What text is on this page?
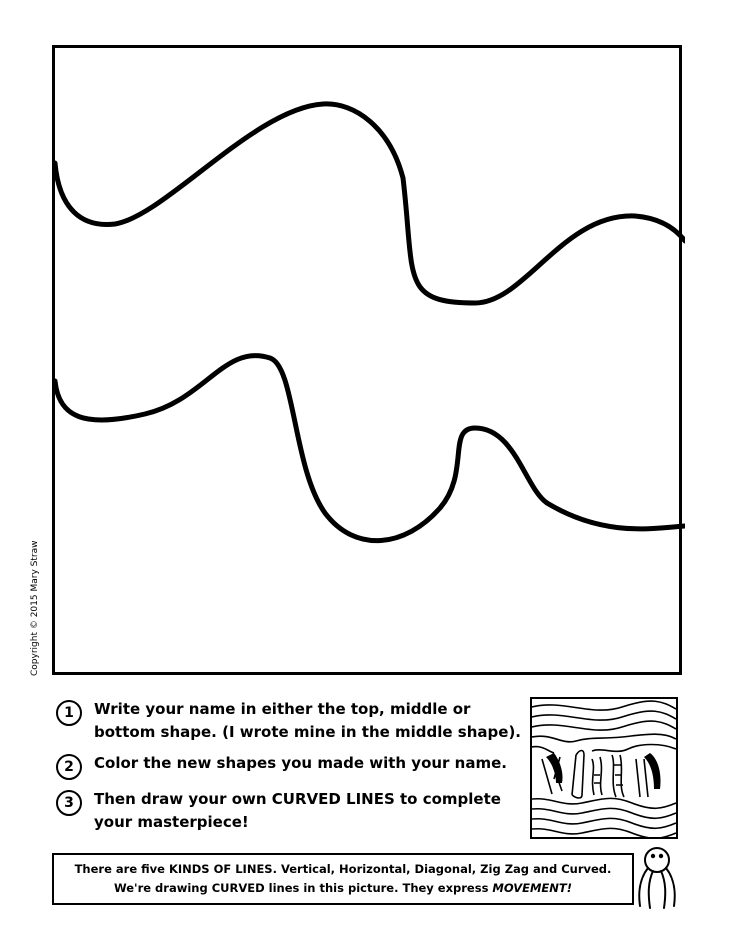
Copyright © 2015 Mary Straw
1	Write your name in either the top, middle or bottom shape. (I wrote mine in the middle shape).
2	Color the new shapes you made with your name.
3	Then draw your own CURVED LINES to complete your masterpiece!
There are five KINDS OF LINES. Vertical, Horizontal, Diagonal, Zig Zag and Curved.
We're drawing CURVED lines in this picture. They express MOVEMENT!
